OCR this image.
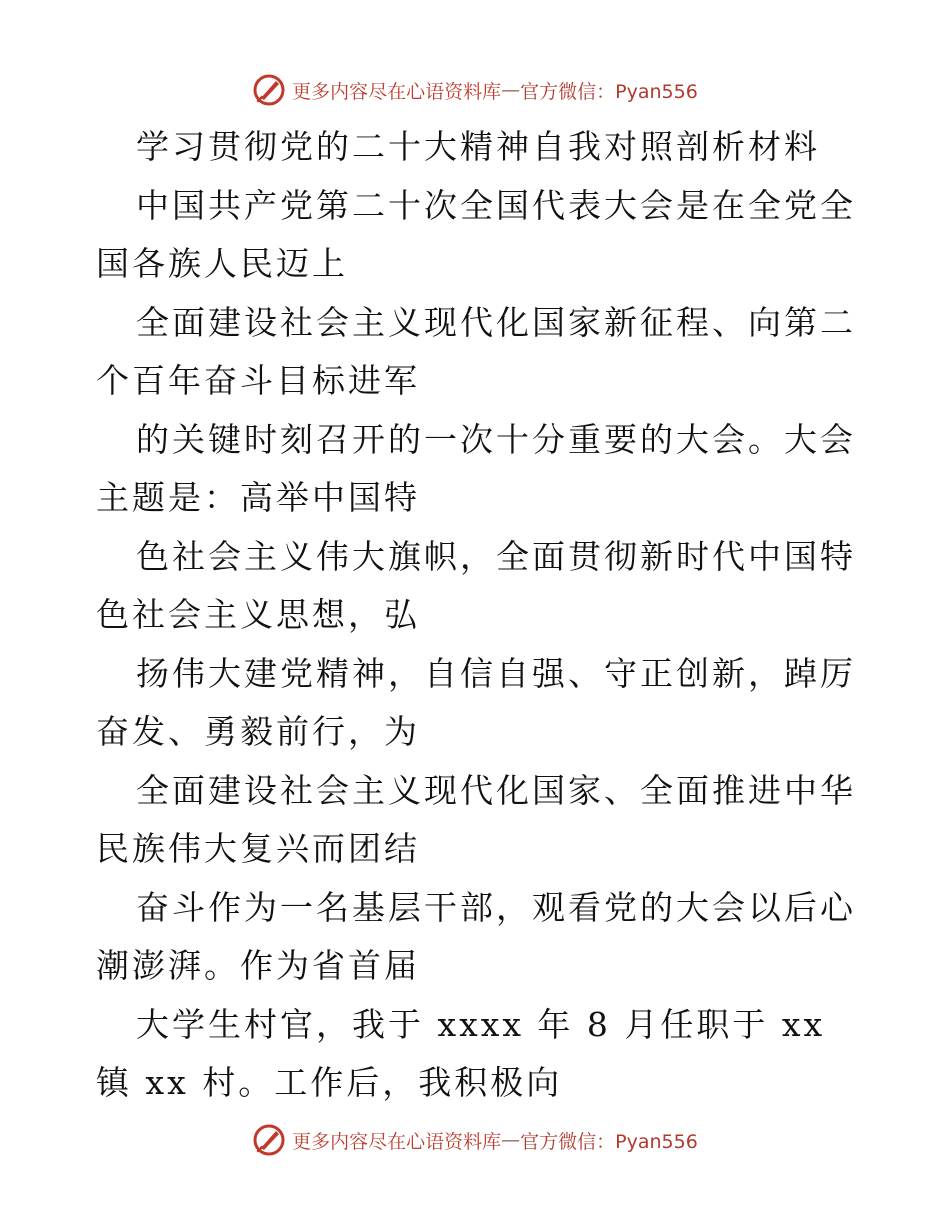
更多内容尽在心语资料库 — 官方微信：Pyan556

学习贯彻党的二十大精神自我对照剖析材料

中国共产党第二十次全国代表大会是在全党全国各族人民迈上

全面建设社会主义现代化国家新征程、向第二个百年奋斗目标进军

的关键时刻召开的一次十分重要的大会。大会主题是：高举中国特

色社会主义伟大旗帜，全面贯彻新时代中国特色社会主义思想，弘

扬伟大建党精神，自信自强、守正创新，踔厉奋发、勇毅前行，为

全面建设社会主义现代化国家、全面推进中华民族伟大复兴而团结

奋斗作为一名基层干部，观看党的大会以后心潮澎湃。作为省首届

大学生村官，我于 xxxx 年 8 月任职于 xx 镇 xx 村。工作后，我积极向

更多内容尽在心语资料库 — 官方微信：Pyan556
